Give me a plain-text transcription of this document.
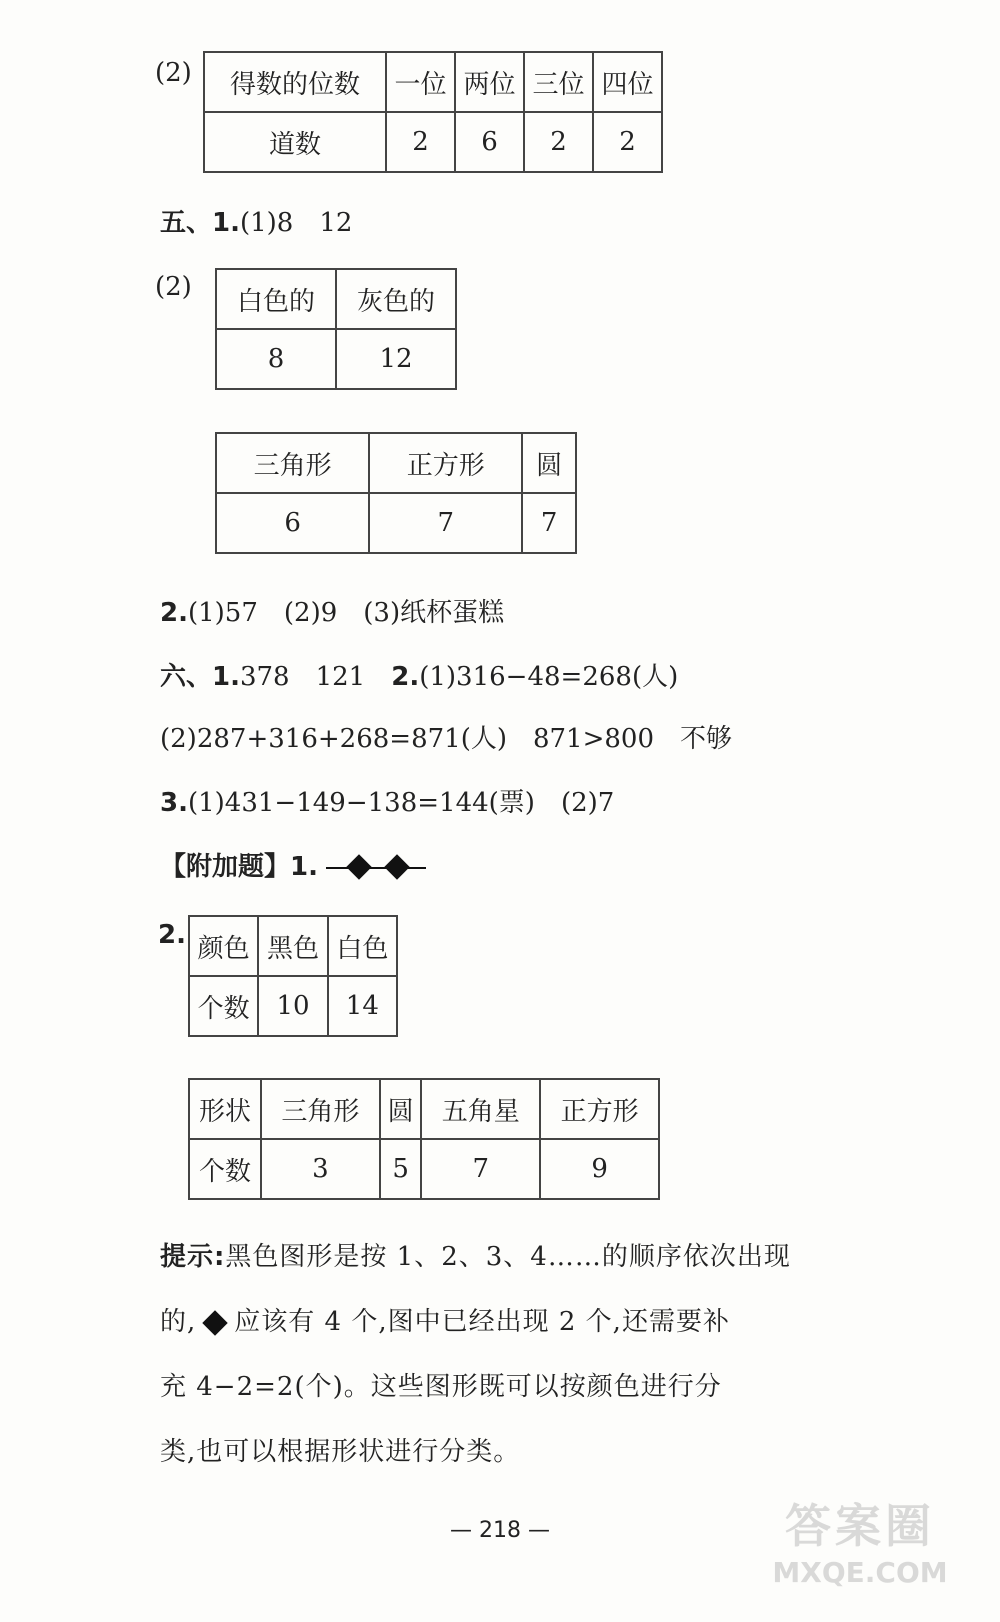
(2) 得数的位数	一位	两位	三位	四位
道数	2	6	2	2
五、1.(1)8　12
(2) 白色的	灰色的
8	12
三角形	正方形	圆
6	7	7
2.(1)57　(2)9　(3)纸杯蛋糕
六、1.378　121　2.(1)316−48=268(人)
(2)287+316+268=871(人)　871>800　不够
3.(1)431−149−138=144(票)　(2)7
【附加题】1.
2. 颜色	黑色	白色
个数	10	14
形状	三角形	圆	五角星	正方形
个数	3	5	7	9
提示:黑色图形是按 1、2、3、4……的顺序依次出现
的, 应该有 4 个,图中已经出现 2 个,还需要补
充 4−2=2(个)。这些图形既可以按颜色进行分
类,也可以根据形状进行分类。
— 218 —	答案圈
MXQE.COM
